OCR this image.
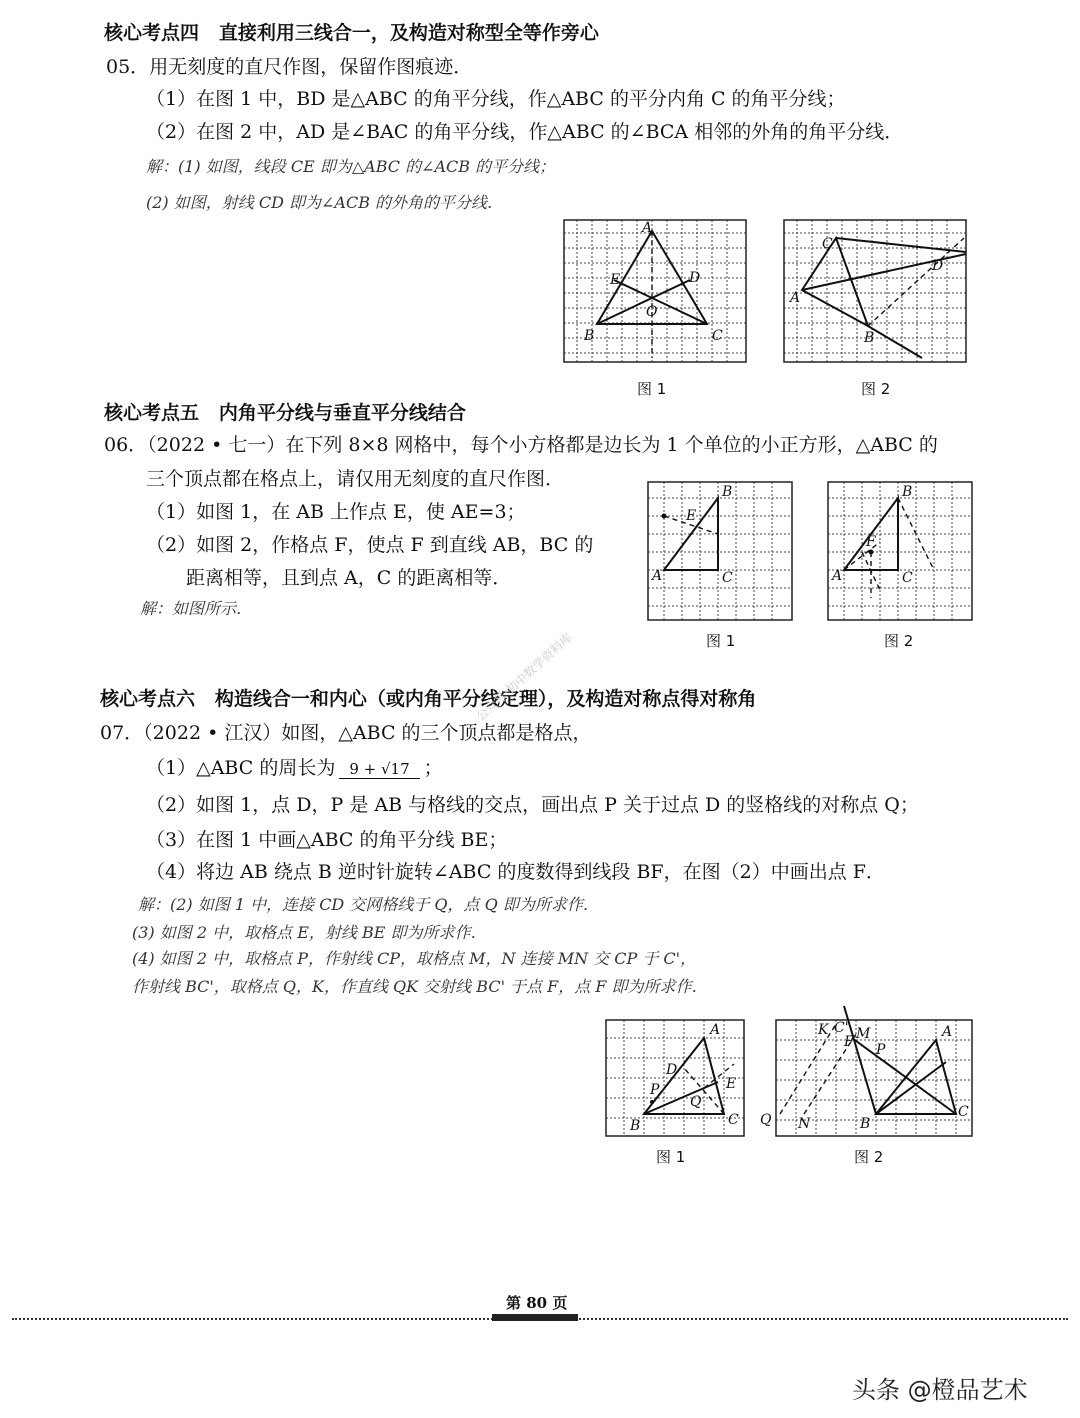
核心考点四 直接利用三线合一，及构造对称型全等作旁心
05．用无刻度的直尺作图，保留作图痕迹．
（1）在图 1 中，BD 是△ABC 的角平分线，作△ABC 的平分内角 C 的角平分线；
（2）在图 2 中，AD 是∠BAC 的角平分线，作△ABC 的∠BCA 相邻的外角的角平分线．
解：(1) 如图，线段 CE 即为△ABC 的∠ACB 的平分线；
(2) 如图，射线 CD 即为∠ACB 的外角的平分线．
A
B	C
D
E
O
图 1
C
A
B
D
图 2
核心考点五 内角平分线与垂直平分线结合
06．（2022 • 七一）在下列 8×8 网格中，每个小方格都是边长为 1 个单位的小正方形，△ABC 的
三个顶点都在格点上，请仅用无刻度的直尺作图．
（1）如图 1，在 AB 上作点 E，使 AE=3；
（2）如图 2，作格点 F，使点 F 到直线 AB，BC 的
距离相等，且到点 A，C 的距离相等．
解：如图所示．
A
B
C
E
图 1
A
B
C
F
图 2
核心考点六 构造线合一和内心（或内角平分线定理），及构造对称点得对称角
07．（2022 • 江汉）如图，△ABC 的三个顶点都是格点，
（1）△ABC 的周长为 9 + √17 ；
（2）如图 1，点 D，P 是 AB 与格线的交点，画出点 P 关于过点 D 的竖格线的对称点 Q；
（3）在图 1 中画△ABC 的角平分线 BE；
（4）将边 AB 绕点 B 逆时针旋转∠ABC 的度数得到线段 BF，在图（2）中画出点 F．
解：(2) 如图 1 中，连接 CD 交网格线于 Q，点 Q 即为所求作．
(3) 如图 2 中，取格点 E，射线 BE 即为所求作．
(4) 如图 2 中，取格点 P，作射线 CP，取格点 M，N 连接 MN 交 CP 于 C'，
作射线 BC'，取格点 Q，K，作直线 QK 交射线 BC' 于点 F，点 F 即为所求作．
A
B	C
D
P
Q
E
图 1
A
B
C
K C' M
F P
Q N
图 2
公众号·初中数学资料库
第 80 页
头条 @橙品艺术
